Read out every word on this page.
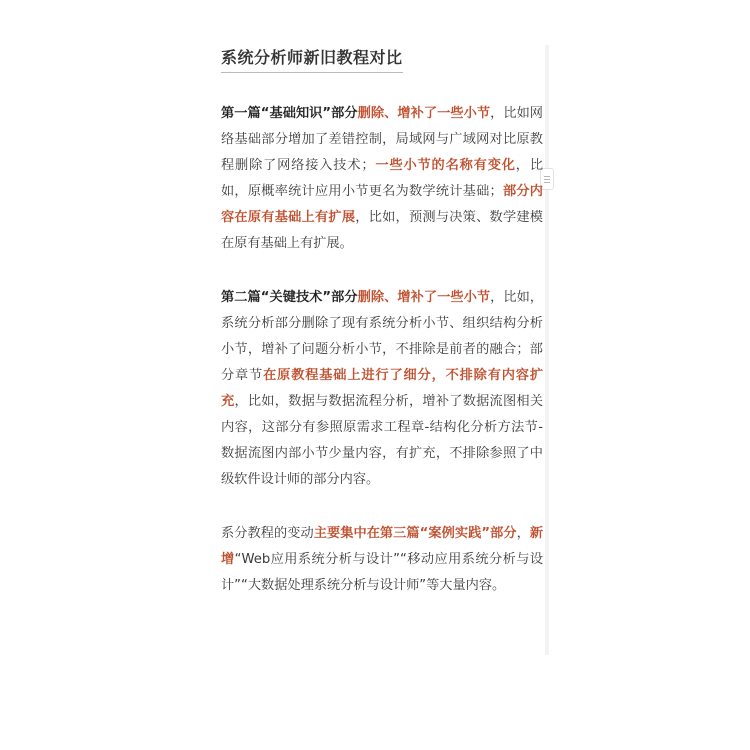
系统分析师新旧教程对比

第一篇“基础知识”部分删除、增补了一些小节，比如网络基础部分增加了差错控制，局域网与广域网对比原教程删除了网络接入技术；一些小节的名称有变化，比如，原概率统计应用小节更名为数学统计基础；部分内容在原有基础上有扩展，比如，预测与决策、数学建模在原有基础上有扩展。

第二篇“关键技术”部分删除、增补了一些小节，比如，系统分析部分删除了现有系统分析小节、组织结构分析小节，增补了问题分析小节，不排除是前者的融合；部分章节在原教程基础上进行了细分，不排除有内容扩充，比如，数据与数据流程分析，增补了数据流图相关内容，这部分有参照原需求工程章-结构化分析方法节-数据流图内部小节少量内容，有扩充，不排除参照了中级软件设计师的部分内容。

系分教程的变动主要集中在第三篇“案例实践”部分，新增“Web应用系统分析与设计”“移动应用系统分析与设计”“大数据处理系统分析与设计师”等大量内容。
